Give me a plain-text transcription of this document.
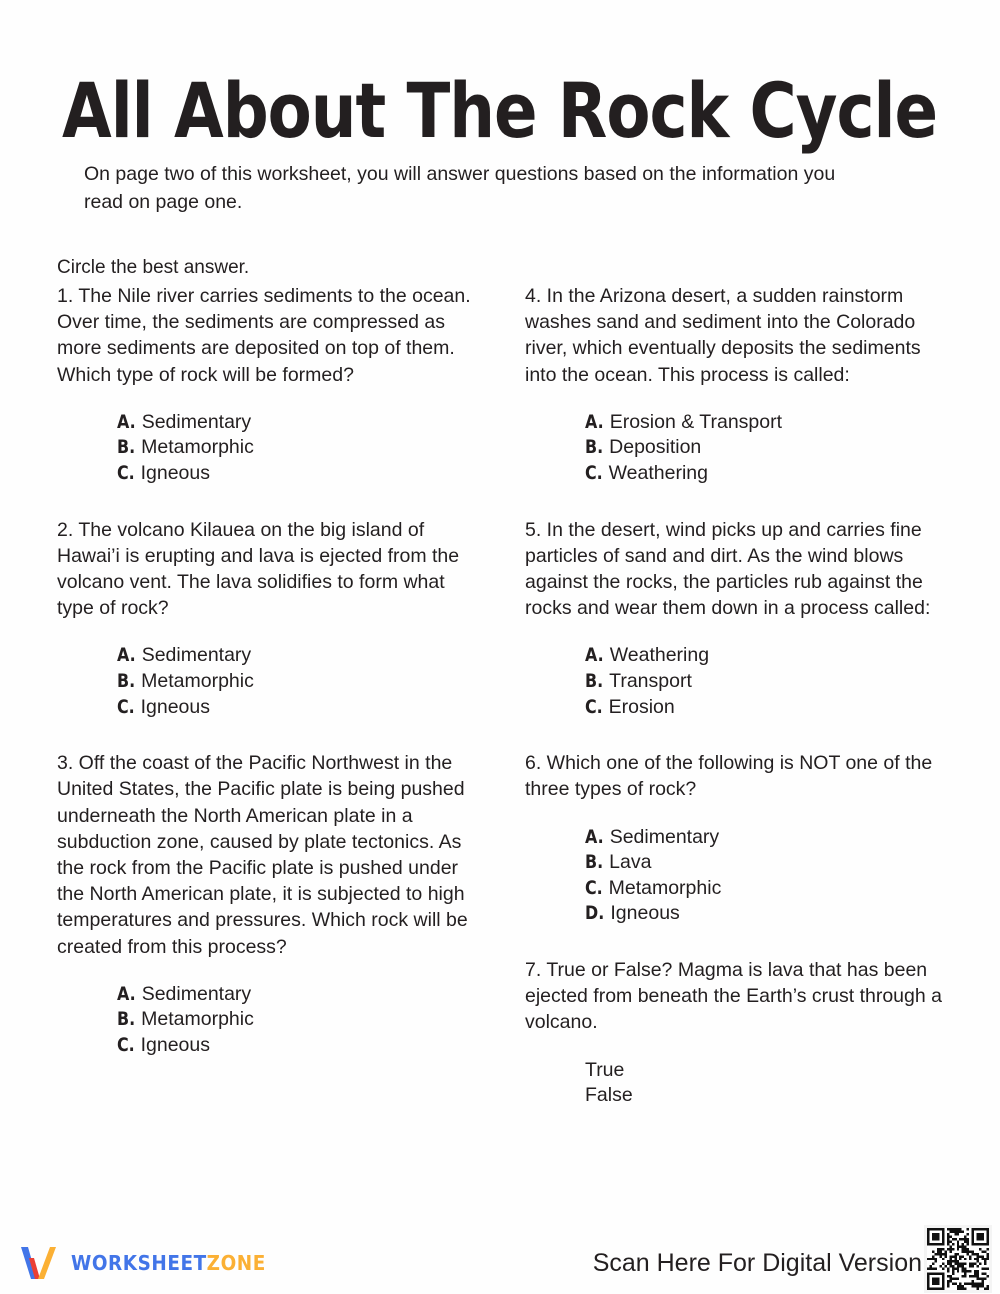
All About The Rock Cycle

On page two of this worksheet, you will answer questions based on the information you read on page one.

Circle the best answer.

1. The Nile river carries sediments to the ocean. Over time, the sediments are compressed as more sediments are deposited on top of them. Which type of rock will be formed?

A. Sedimentary
B. Metamorphic
C. Igneous

2. The volcano Kilauea on the big island of Hawai’i is erupting and lava is ejected from the volcano vent. The lava solidifies to form what type of rock?

A. Sedimentary
B. Metamorphic
C. Igneous

3. Off the coast of the Pacific Northwest in the United States, the Pacific plate is being pushed underneath the North American plate in a subduction zone, caused by plate tectonics. As the rock from the Pacific plate is pushed under the North American plate, it is subjected to high temperatures and pressures. Which rock will be created from this process?

A. Sedimentary
B. Metamorphic
C. Igneous

4. In the Arizona desert, a sudden rainstorm washes sand and sediment into the Colorado river, which eventually deposits the sediments into the ocean. This process is called:

A. Erosion & Transport
B. Deposition
C. Weathering

5. In the desert, wind picks up and carries fine particles of sand and dirt. As the wind blows against the rocks, the particles rub against the rocks and wear them down in a process called:

A. Weathering
B. Transport
C. Erosion

6. Which one of the following is NOT one of the three types of rock?

A. Sedimentary
B. Lava
C. Metamorphic
D. Igneous

7. True or False? Magma is lava that has been ejected from beneath the Earth’s crust through a volcano.

True
False
WORKSHEETZONE	Scan Here For Digital Version
